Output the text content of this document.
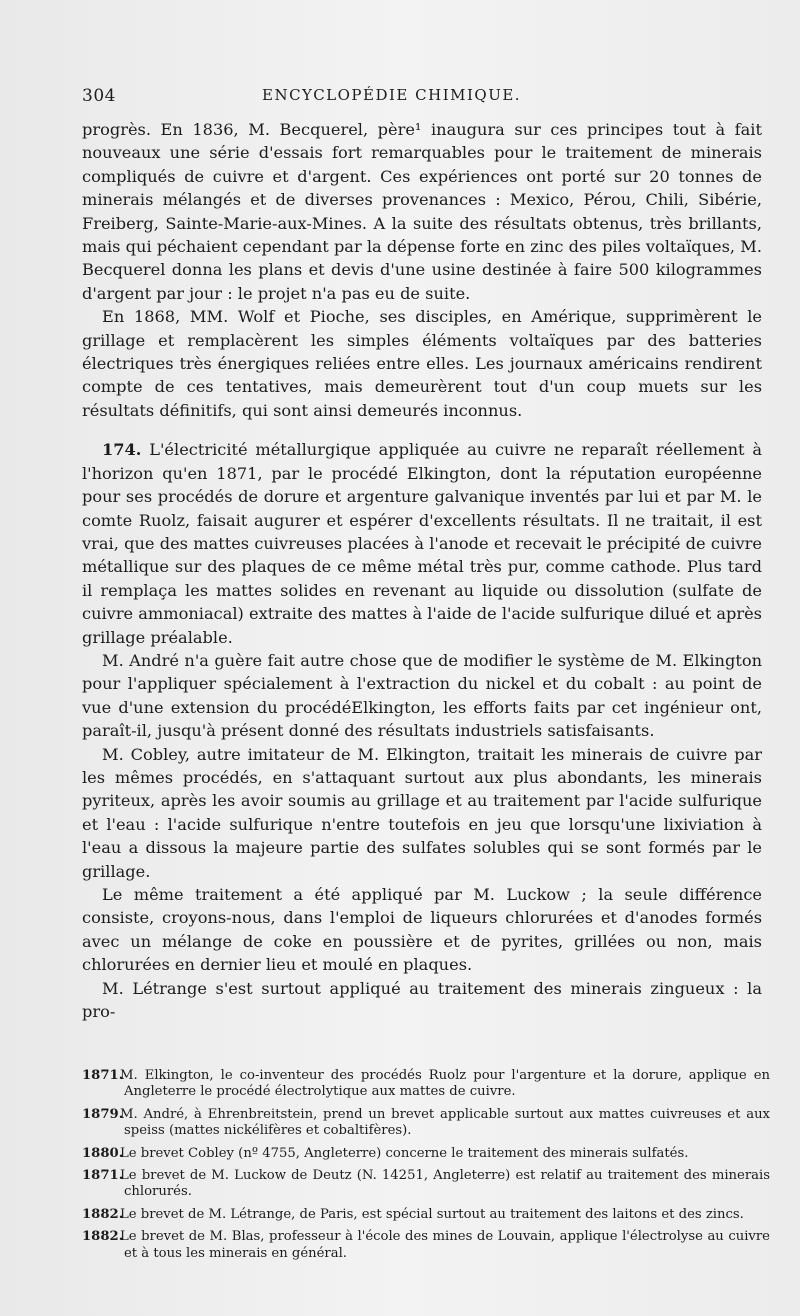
304	ENCYCLOPÉDIE CHIMIQUE.

progrès. En 1836, M. Becquerel, père¹ inaugura sur ces principes tout à fait nouveaux une série d'essais fort remarquables pour le traitement de minerais compliqués de cuivre et d'argent. Ces expériences ont porté sur 20 tonnes de minerais mélangés et de diverses provenances : Mexico, Pérou, Chili, Sibérie, Freiberg, Sainte-Marie-aux-Mines. A la suite des résultats obtenus, très brillants, mais qui péchaient cependant par la dépense forte en zinc des piles voltaïques, M. Becquerel donna les plans et devis d'une usine destinée à faire 500 kilogrammes d'argent par jour : le projet n'a pas eu de suite.

En 1868, MM. Wolf et Pioche, ses disciples, en Amérique, supprimèrent le grillage et remplacèrent les simples éléments voltaïques par des batteries électriques très énergiques reliées entre elles. Les journaux américains rendirent compte de ces tentatives, mais demeurèrent tout d'un coup muets sur les résultats définitifs, qui sont ainsi demeurés inconnus.

174. L'électricité métallurgique appliquée au cuivre ne reparaît réellement à l'horizon qu'en 1871, par le procédé Elkington, dont la réputation européenne pour ses procédés de dorure et argenture galvanique inventés par lui et par M. le comte Ruolz, faisait augurer et espérer d'excellents résultats. Il ne traitait, il est vrai, que des mattes cuivreuses placées à l'anode et recevait le précipité de cuivre métallique sur des plaques de ce même métal très pur, comme cathode. Plus tard il remplaça les mattes solides en revenant au liquide ou dissolution (sulfate de cuivre ammoniacal) extraite des mattes à l'aide de l'acide sulfurique dilué et après grillage préalable.

M. André n'a guère fait autre chose que de modifier le système de M. Elkington pour l'appliquer spécialement à l'extraction du nickel et du cobalt : au point de vue d'une extension du procédéElkington, les efforts faits par cet ingénieur ont, paraît-il, jusqu'à présent donné des résultats industriels satisfaisants.

M. Cobley, autre imitateur de M. Elkington, traitait les minerais de cuivre par les mêmes procédés, en s'attaquant surtout aux plus abondants, les minerais pyriteux, après les avoir soumis au grillage et au traitement par l'acide sulfurique et l'eau : l'acide sulfurique n'entre toutefois en jeu que lorsqu'une lixiviation à l'eau a dissous la majeure partie des sulfates solubles qui se sont formés par le grillage.

Le même traitement a été appliqué par M. Luckow ; la seule différence consiste, croyons-nous, dans l'emploi de liqueurs chlorurées et d'anodes formés avec un mélange de coke en poussière et de pyrites, grillées ou non, mais chlorurées en dernier lieu et moulé en plaques.

M. Létrange s'est surtout appliqué au traitement des minerais zingueux : la pro-

1871.M. Elkington, le co-inventeur des procédés Ruolz pour l'argenture et la dorure, applique en Angleterre le procédé électrolytique aux mattes de cuivre.

1879.M. André, à Ehrenbreitstein, prend un brevet applicable surtout aux mattes cuivreuses et aux speiss (mattes nickélifères et cobaltifères).

1880.Le brevet Cobley (nº 4755, Angleterre) concerne le traitement des minerais sulfatés.

1871.Le brevet de M. Luckow de Deutz (N. 14251, Angleterre) est relatif au traitement des minerais chlorurés.

1882.Le brevet de M. Létrange, de Paris, est spécial surtout au traitement des laitons et des zincs.

1882.Le brevet de M. Blas, professeur à l'école des mines de Louvain, applique l'électrolyse au cuivre et à tous les minerais en général.
